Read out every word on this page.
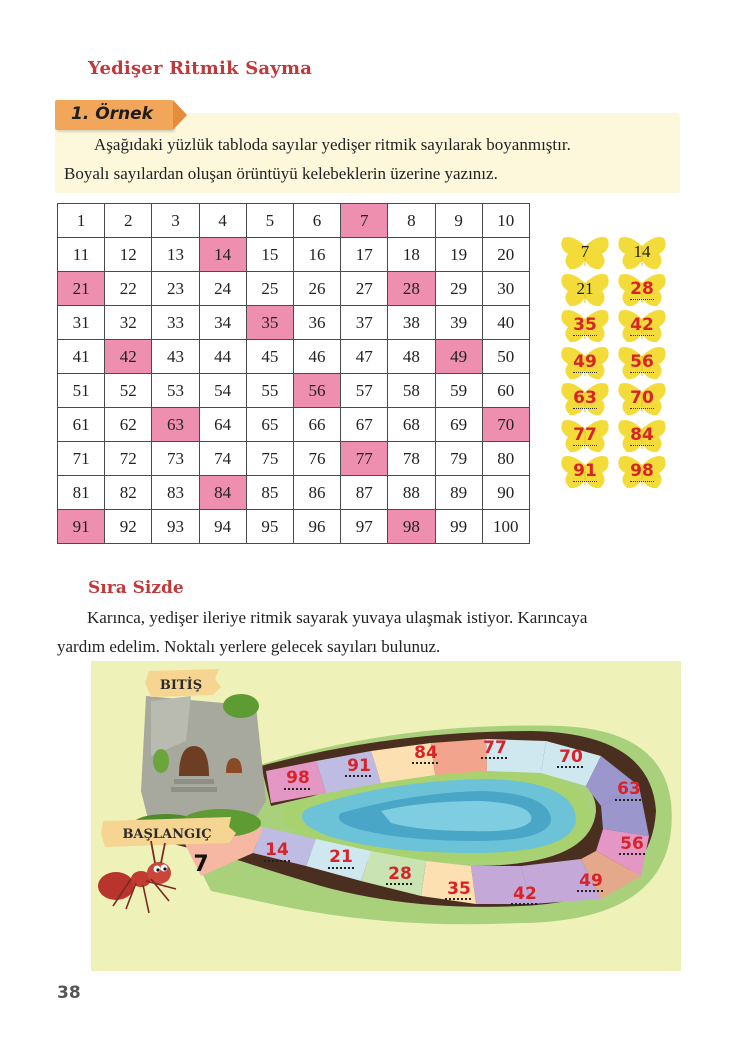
Yedişer Ritmik Sayma
1. Örnek
Aşağıdaki yüzlük tabloda sayılar yedişer ritmik sayılarak boyanmıştır.
Boyalı sayılardan oluşan örüntüyü kelebeklerin üzerine yazınız.
1	2	3	4	5	6	7	8	9	10
11	12	13	14	15	16	17	18	19	20
21	22	23	24	25	26	27	28	29	30
31	32	33	34	35	36	37	38	39	40
41	42	43	44	45	46	47	48	49	50
51	52	53	54	55	56	57	58	59	60
61	62	63	64	65	66	67	68	69	70
71	72	73	74	75	76	77	78	79	80
81	82	83	84	85	86	87	88	89	90
91	92	93	94	95	96	97	98	99	100
7	14
21	28
35	42
49	56
63	70
77	84
91	98
Sıra Sizde
Karınca, yedişer ileriye ritmik sayarak yuvaya ulaşmak istiyor. Karıncaya
yardım edelim. Noktalı yerlere gelecek sayıları bulunuz.
98
91
84	77	70
63
56
49
42
35
28
21
14
7
BITİŞ
BAŞLANGIÇ
38
